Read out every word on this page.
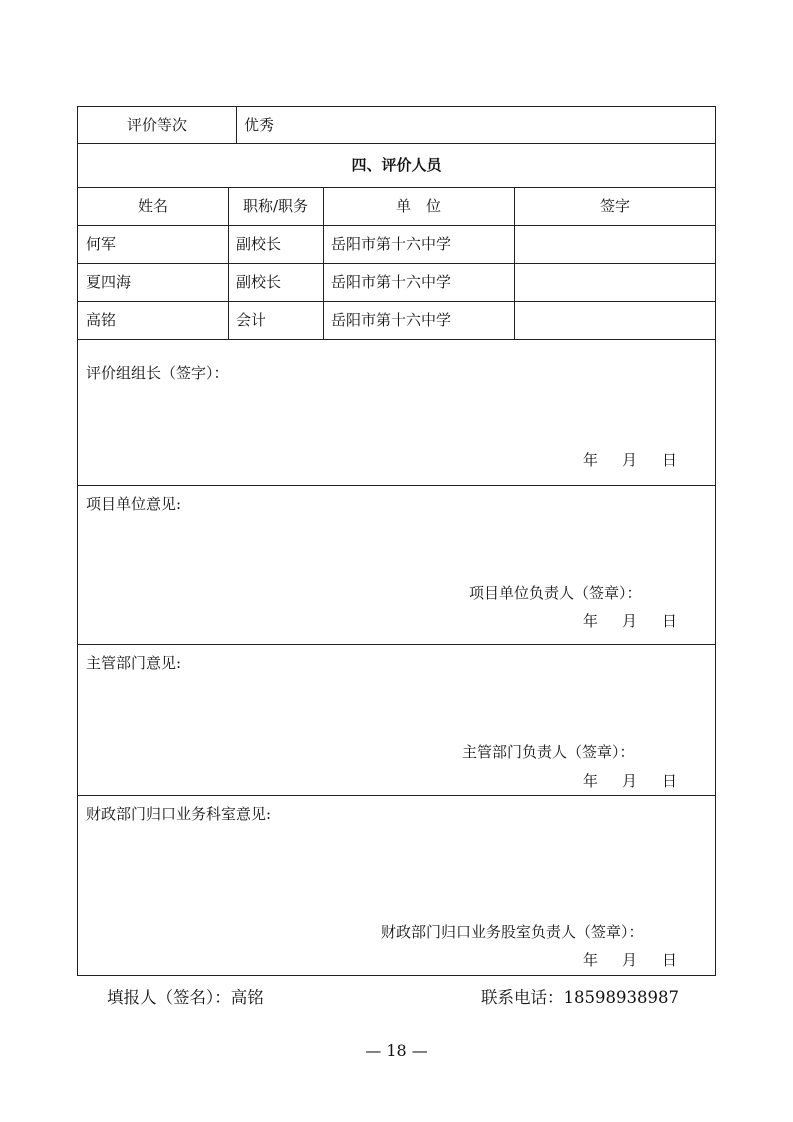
评价等次	优秀
四、评价人员
姓名	职称/职务	单　位	签字
何军	副校长	岳阳市第十六中学
夏四海	副校长	岳阳市第十六中学
高铭	会计	岳阳市第十六中学
评价组组长（签字）：
年 月 日
项目单位意见:
项目单位负责人（签章）：
年 月 日
主管部门意见:
主管部门负责人（签章）：
年 月 日
财政部门归口业务科室意见:
财政部门归口业务股室负责人（签章）：
年 月 日
填报人（签名）：高铭	联系电话：18598938987
— 18 —
